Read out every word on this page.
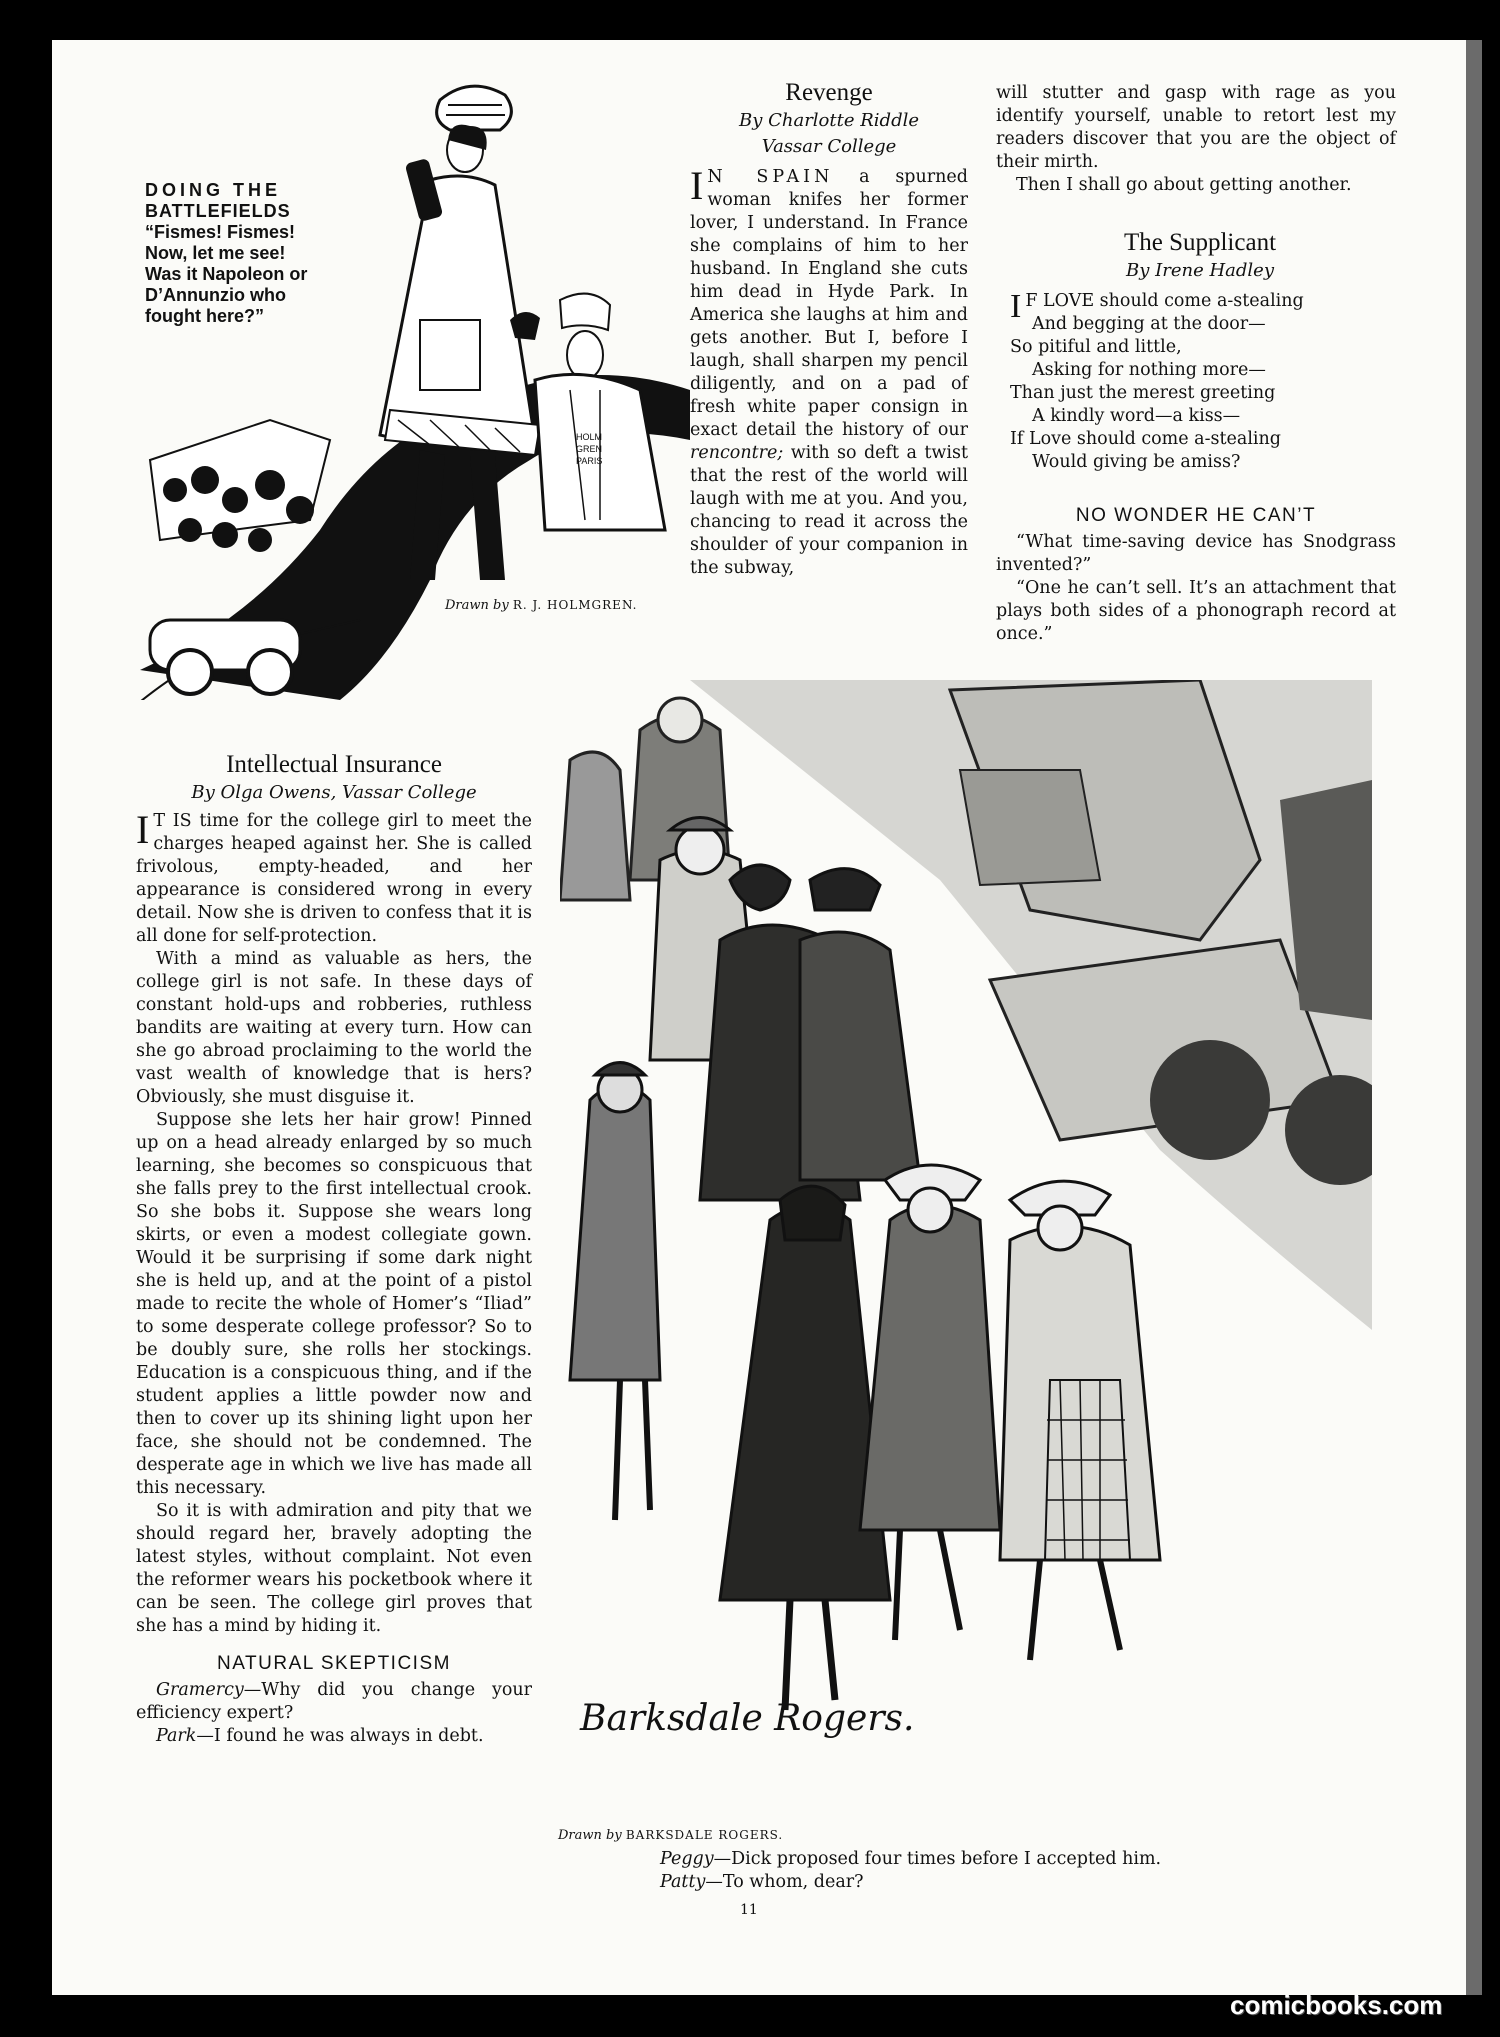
HOLM
GREN
PARIS
DOING THE
BATTLEFIELDS
“Fismes! Fismes!
Now, let me see!
Was it Napoleon or
D’Annunzio who
fought here?”
Drawn by R. J. HOLMGREN.
Revenge
By Charlotte Riddle
Vassar College

I N SPAIN a spurned woman knifes her former lover, I understand. In France she complains of him to her husband. In England she cuts him dead in Hyde Park. In America she laughs at him and gets another. But I, before I laugh, shall sharpen my pencil diligently, and on a pad of fresh white paper consign in exact detail the history of our rencontre; with so deft a twist that the rest of the world will laugh with me at you. And you, chancing to read it across the shoulder of your companion in the subway,

will stutter and gasp with rage as you identify yourself, unable to retort lest my readers discover that you are the object of their mirth.

Then I shall go about getting another.

The Supplicant
By Irene Hadley

I F LOVE should come a-stealing

And begging at the door—

So pitiful and little,

Asking for nothing more—

Than just the merest greeting

A kindly word—a kiss—

If Love should come a-stealing

Would giving be amiss?

NO WONDER HE CAN’T

“What time-saving device has Snodgrass invented?”

“One he can’t sell. It’s an attachment that plays both sides of a phonograph record at once.”

Intellectual Insurance
By Olga Owens, Vassar College

I T IS time for the college girl to meet the charges heaped against her. She is called frivolous, empty-headed, and her appearance is considered wrong in every detail. Now she is driven to confess that it is all done for self-protection.

With a mind as valuable as hers, the college girl is not safe. In these days of constant hold-ups and robberies, ruthless bandits are waiting at every turn. How can she go abroad proclaiming to the world the vast wealth of knowledge that is hers? Obviously, she must disguise it.

Suppose she lets her hair grow! Pinned up on a head already enlarged by so much learning, she becomes so conspicuous that she falls prey to the first intellectual crook. So she bobs it. Suppose she wears long skirts, or even a modest collegiate gown. Would it be surprising if some dark night she is held up, and at the point of a pistol made to recite the whole of Homer’s “Iliad” to some desperate college professor? So to be doubly sure, she rolls her stockings. Education is a conspicuous thing, and if the student applies a little powder now and then to cover up its shining light upon her face, she should not be condemned. The desperate age in which we live has made all this necessary.

So it is with admiration and pity that we should regard her, bravely adopting the latest styles, without complaint. Not even the reformer wears his pocketbook where it can be seen. The college girl proves that she has a mind by hiding it.

NATURAL SKEPTICISM

Gramercy—Why did you change your efficiency expert?

Park—I found he was always in debt.	Barksdale Rogers.
Drawn by BARKSDALE ROGERS.

Peggy—Dick proposed four times before I accepted him.

Patty—To whom, dear?

11
comicbooks.com
